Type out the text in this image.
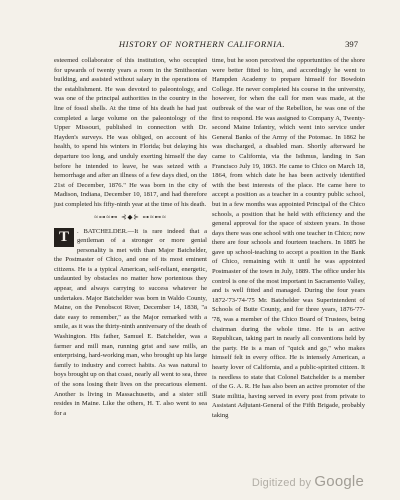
HISTORY OF NORTHERN CALIFORNIA.	397

esteemed collaborator of this institution, who occupied for upwards of twenty years a room in the Smithsonian building, and assisted without salary in the operations of the establishment. He was devoted to paleontology, and was one of the principal authorities in the country in the line of fossil shells. At the time of his death he had just completed a large volume on the paleontology of the Upper Missouri, published in connection with Dr. Hayden's surveys. He was obliged, on account of his health, to spend his winters in Florida; but delaying his departure too long, and unduly exerting himself the day before he intended to leave, he was seized with a hemorrhage and after an illness of a few days died, on the 21st of December, 1876." He was born in the city of Madison, Indiana, December 10, 1817, and had therefore just completed his fifty-ninth year at the time of his death.

≈⊶≈⊷ ⊰◆⊱ ⊶≈⊷≈
T	. BATCHELDER.—It is rare indeed that a gentleman of a stronger or more genial personality is met with than Major Batchelder, the Postmaster of Chico, and one of its most eminent citizens. He is a typical American, self-reliant, energetic, undaunted by obstacles no matter how portentous they appear, and always carrying to success whatever he undertakes. Major Batchelder was born in Waldo County, Maine, on the Penobscot River, December 14, 1838, "a date easy to remember," as the Major remarked with a smile, as it was the thirty-ninth anniversary of the death of Washington. His father, Samuel E. Batchelder, was a farmer and mill man, running grist and saw mills, an enterprising, hard-working man, who brought up his large family to industry and correct habits. As was natural to boys brought up on that coast, nearly all went to sea, three of the sons losing their lives on the precarious element. Another is living in Massachusetts, and a sister still resides in Maine. Like the others, H. T. also went to sea for a

time, but he soon perceived the opportunities of the shore were better fitted to him, and accordingly he went to Hampden Academy to prepare himself for Bowdoin College. He never completed his course in the university, however, for when the call for men was made, at the outbreak of the war of the Rebellion, he was one of the first to respond. He was assigned to Company A, Twenty-second Maine Infantry, which went into service under General Banks of the Army of the Potomac. In 1862 he was discharged, a disabled man. Shortly afterward he came to California, via the Isthmus, landing in San Francisco July 19, 1863. He came to Chico on March 18, 1864, from which date he has been actively identified with the best interests of the place. He came here to accept a position as a teacher in a country public school, but in a few months was appointed Principal of the Chico schools, a position that he held with efficiency and the general approval for the space of sixteen years. In those days there was one school with one teacher in Chico; now there are four schools and fourteen teachers. In 1885 he gave up school-teaching to accept a position in the Bank of Chico, remaining with it until he was appointed Postmaster of the town in July, 1889. The office under his control is one of the most important in Sacramento Valley, and is well fitted and managed. During the four years 1872-'73-'74-'75 Mr. Batchelder was Superintendent of Schools of Butte County, and for three years, 1876-'77-'78, was a member of the Chico Board of Trustees, being chairman during the whole time. He is an active Republican, taking part in nearly all conventions held by the party. He is a man of "quick and go," who makes himself felt in every office. He is intensely American, a hearty lover of California, and a public-spirited citizen. It is needless to state that Colonel Batchelder is a member of the G. A. R. He has also been an active promoter of the State militia, having served in every post from private to Assistant Adjutant-General of the Fifth Brigade, probably taking

Digitized by Google
